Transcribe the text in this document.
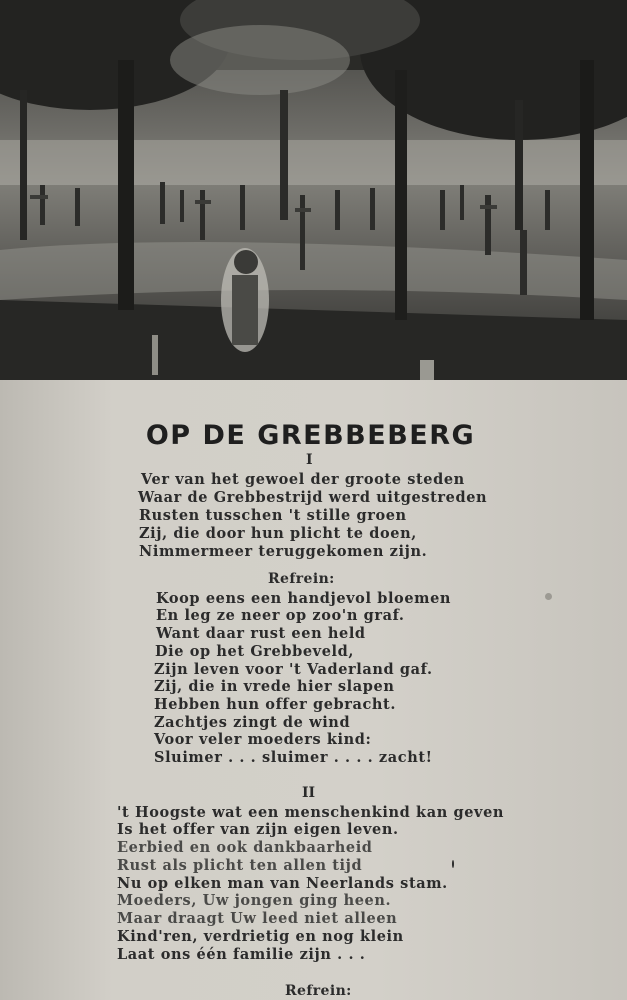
OP DE GREBBEBERG
I
Ver van het gewoel der groote steden
Waar de Grebbestrijd werd uitgestreden
Rusten tusschen 't stille groen
Zij, die door hun plicht te doen,
Nimmermeer teruggekomen zijn.
Refrein:
Koop eens een handjevol bloemen
En leg ze neer op zoo'n graf.
Want daar rust een held
Die op het Grebbeveld,
Zijn leven voor 't Vaderland gaf.
Zij, die in vrede hier slapen
Hebben hun offer gebracht.
Zachtjes zingt de wind
Voor veler moeders kind:
Sluimer . . . sluimer . . . . zacht!
II
't Hoogste wat een menschenkind kan geven
Is het offer van zijn eigen leven.
Eerbied en ook dankbaarheid
Rust als plicht ten allen tijd
Nu op elken man van Neerlands stam.
Moeders, Uw jongen ging heen.
Maar draagt Uw leed niet alleen
Kind'ren, verdrietig en nog klein
Laat ons één familie zijn . . .
Refrein:
